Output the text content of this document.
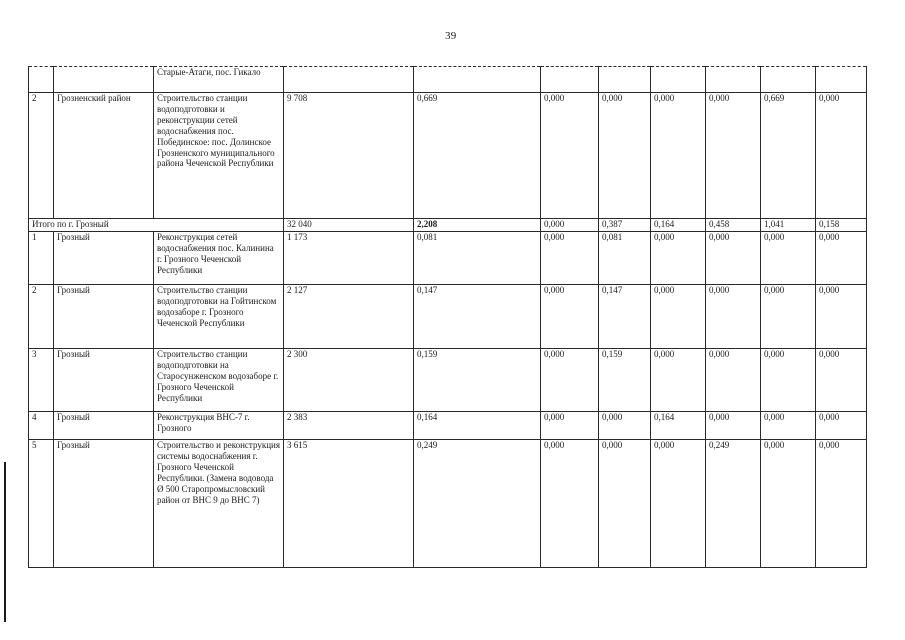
39
		Старые-Атаги, пос. Гикало								
2	Грозненский район	Строительство станции водоподготовки и реконструкции сетей водоснабжения пос. Побединское: пос. Долинское Грозненского муниципального района Чеченской Республики	9 708	0,669	0,000	0,000	0,000	0,000	0,669	0,000
Итого по г. Грозный			32 040	2,208	0,000	0,387	0,164	0,458	1,041	0,158
1	Грозный	Реконструкция сетей водоснабжения пос. Калинина г. Грозного Чеченской Республики	1 173	0,081	0,000	0,081	0,000	0,000	0,000	0,000
2	Грозный	Строительство станции водоподготовки на Гойтинском водозаборе г. Грозного Чеченской Республики	2 127	0,147	0,000	0,147	0,000	0,000	0,000	0,000
3	Грозный	Строительство станции водоподготовки на Старосунженском водозаборе г. Грозного Чеченской Республики	2 300	0,159	0,000	0,159	0,000	0,000	0,000	0,000
4	Грозный	Реконструкция ВНС-7 г. Грозного	2 383	0,164	0,000	0,000	0,164	0,000	0,000	0,000
5	Грозный	Строительство и реконструкция системы водоснабжения г. Грозного Чеченской Республики. (Замена водовода Ø 500 Старопромысловский район от ВНС 9 до ВНС 7)	3 615	0,249	0,000	0,000	0,000	0,249	0,000	0,000
